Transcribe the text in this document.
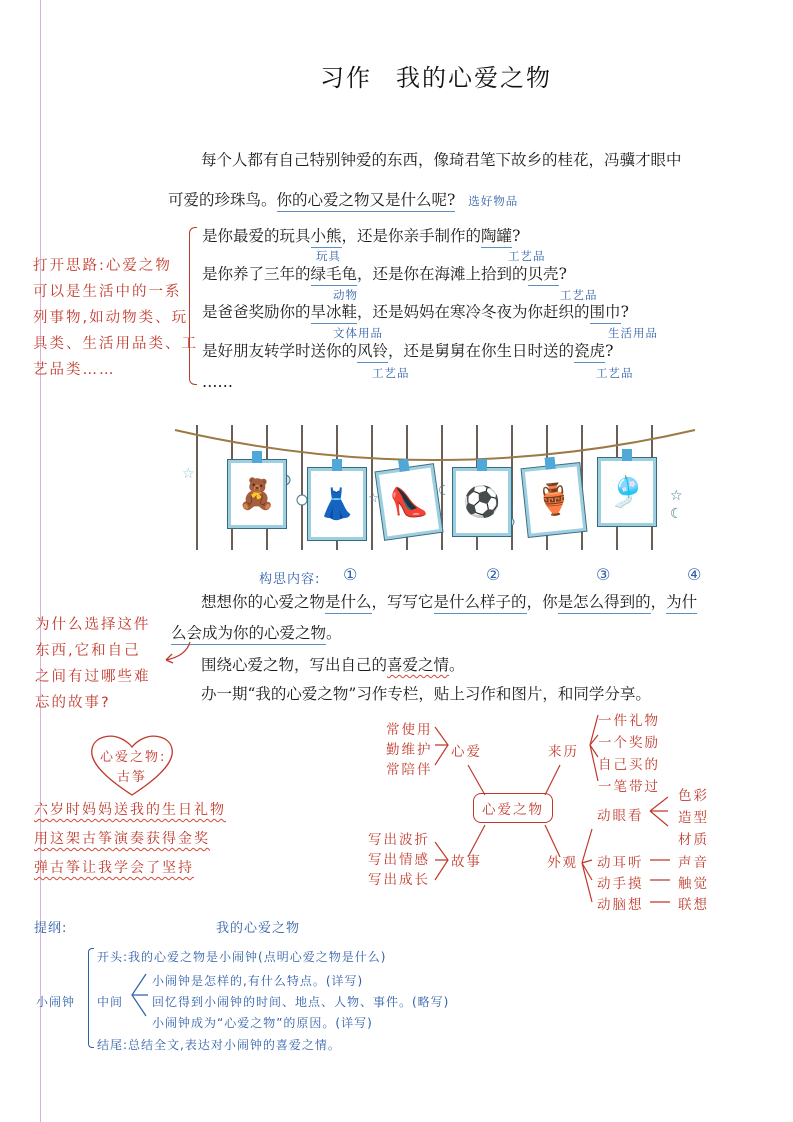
习作 我的心爱之物
每个人都有自己特别钟爱的东西，像琦君笔下故乡的桂花，冯骥才眼中
可爱的珍珠鸟。你的心爱之物又是什么呢? 选好物品
打开思路:心爱之物
可以是生活中的一系
列事物,如动物类、玩
具类、生活用品类、工
艺品类……
是你最爱的玩具小熊，还是你亲手制作的陶罐?
玩具	工艺品
是你养了三年的绿毛龟，还是你在海滩上拾到的贝壳?
动物	工艺品
是爸爸奖励你的旱冰鞋，还是妈妈在寒冷冬夜为你赶织的围巾?
文体用品	生活用品
是好朋友转学时送你的风铃，还是舅舅在你生日时送的瓷虎?
工艺品	工艺品
……
☆
☆	☾	☆
☾
🧸 👗 👠 ⚽ 🏺 🎐
构思内容: ①	②	③	④
想想你的心爱之物是什么，写写它是什么样子的，你是怎么得到的，为什
么会成为你的心爱之物。
围绕心爱之物，写出自己的喜爱之情。
办一期“我的心爱之物”习作专栏，贴上习作和图片，和同学分享。
为什么选择这件
东西,它和自己
之间有过哪些难
忘的故事?
心爱之物:
古筝
六岁时妈妈送我的生日礼物
用这架古筝演奏获得金奖
弹古筝让我学会了坚持
常使用
勤维护
常陪伴
心爱
心爱之物
来历
一件礼物
一个奖励
自己买的
一笔带过
写出波折
写出情感
写出成长
故事	外观
动眼看
色彩
造型
材质
动耳听	声音
动手摸	触觉
动脑想	联想
提纲:	我的心爱之物
小闹钟
开头:我的心爱之物是小闹钟(点明心爱之物是什么)
中间
小闹钟是怎样的,有什么特点。(详写)
回忆得到小闹钟的时间、地点、人物、事件。(略写)
小闹钟成为“心爱之物”的原因。(详写)
结尾:总结全文,表达对小闹钟的喜爱之情。
